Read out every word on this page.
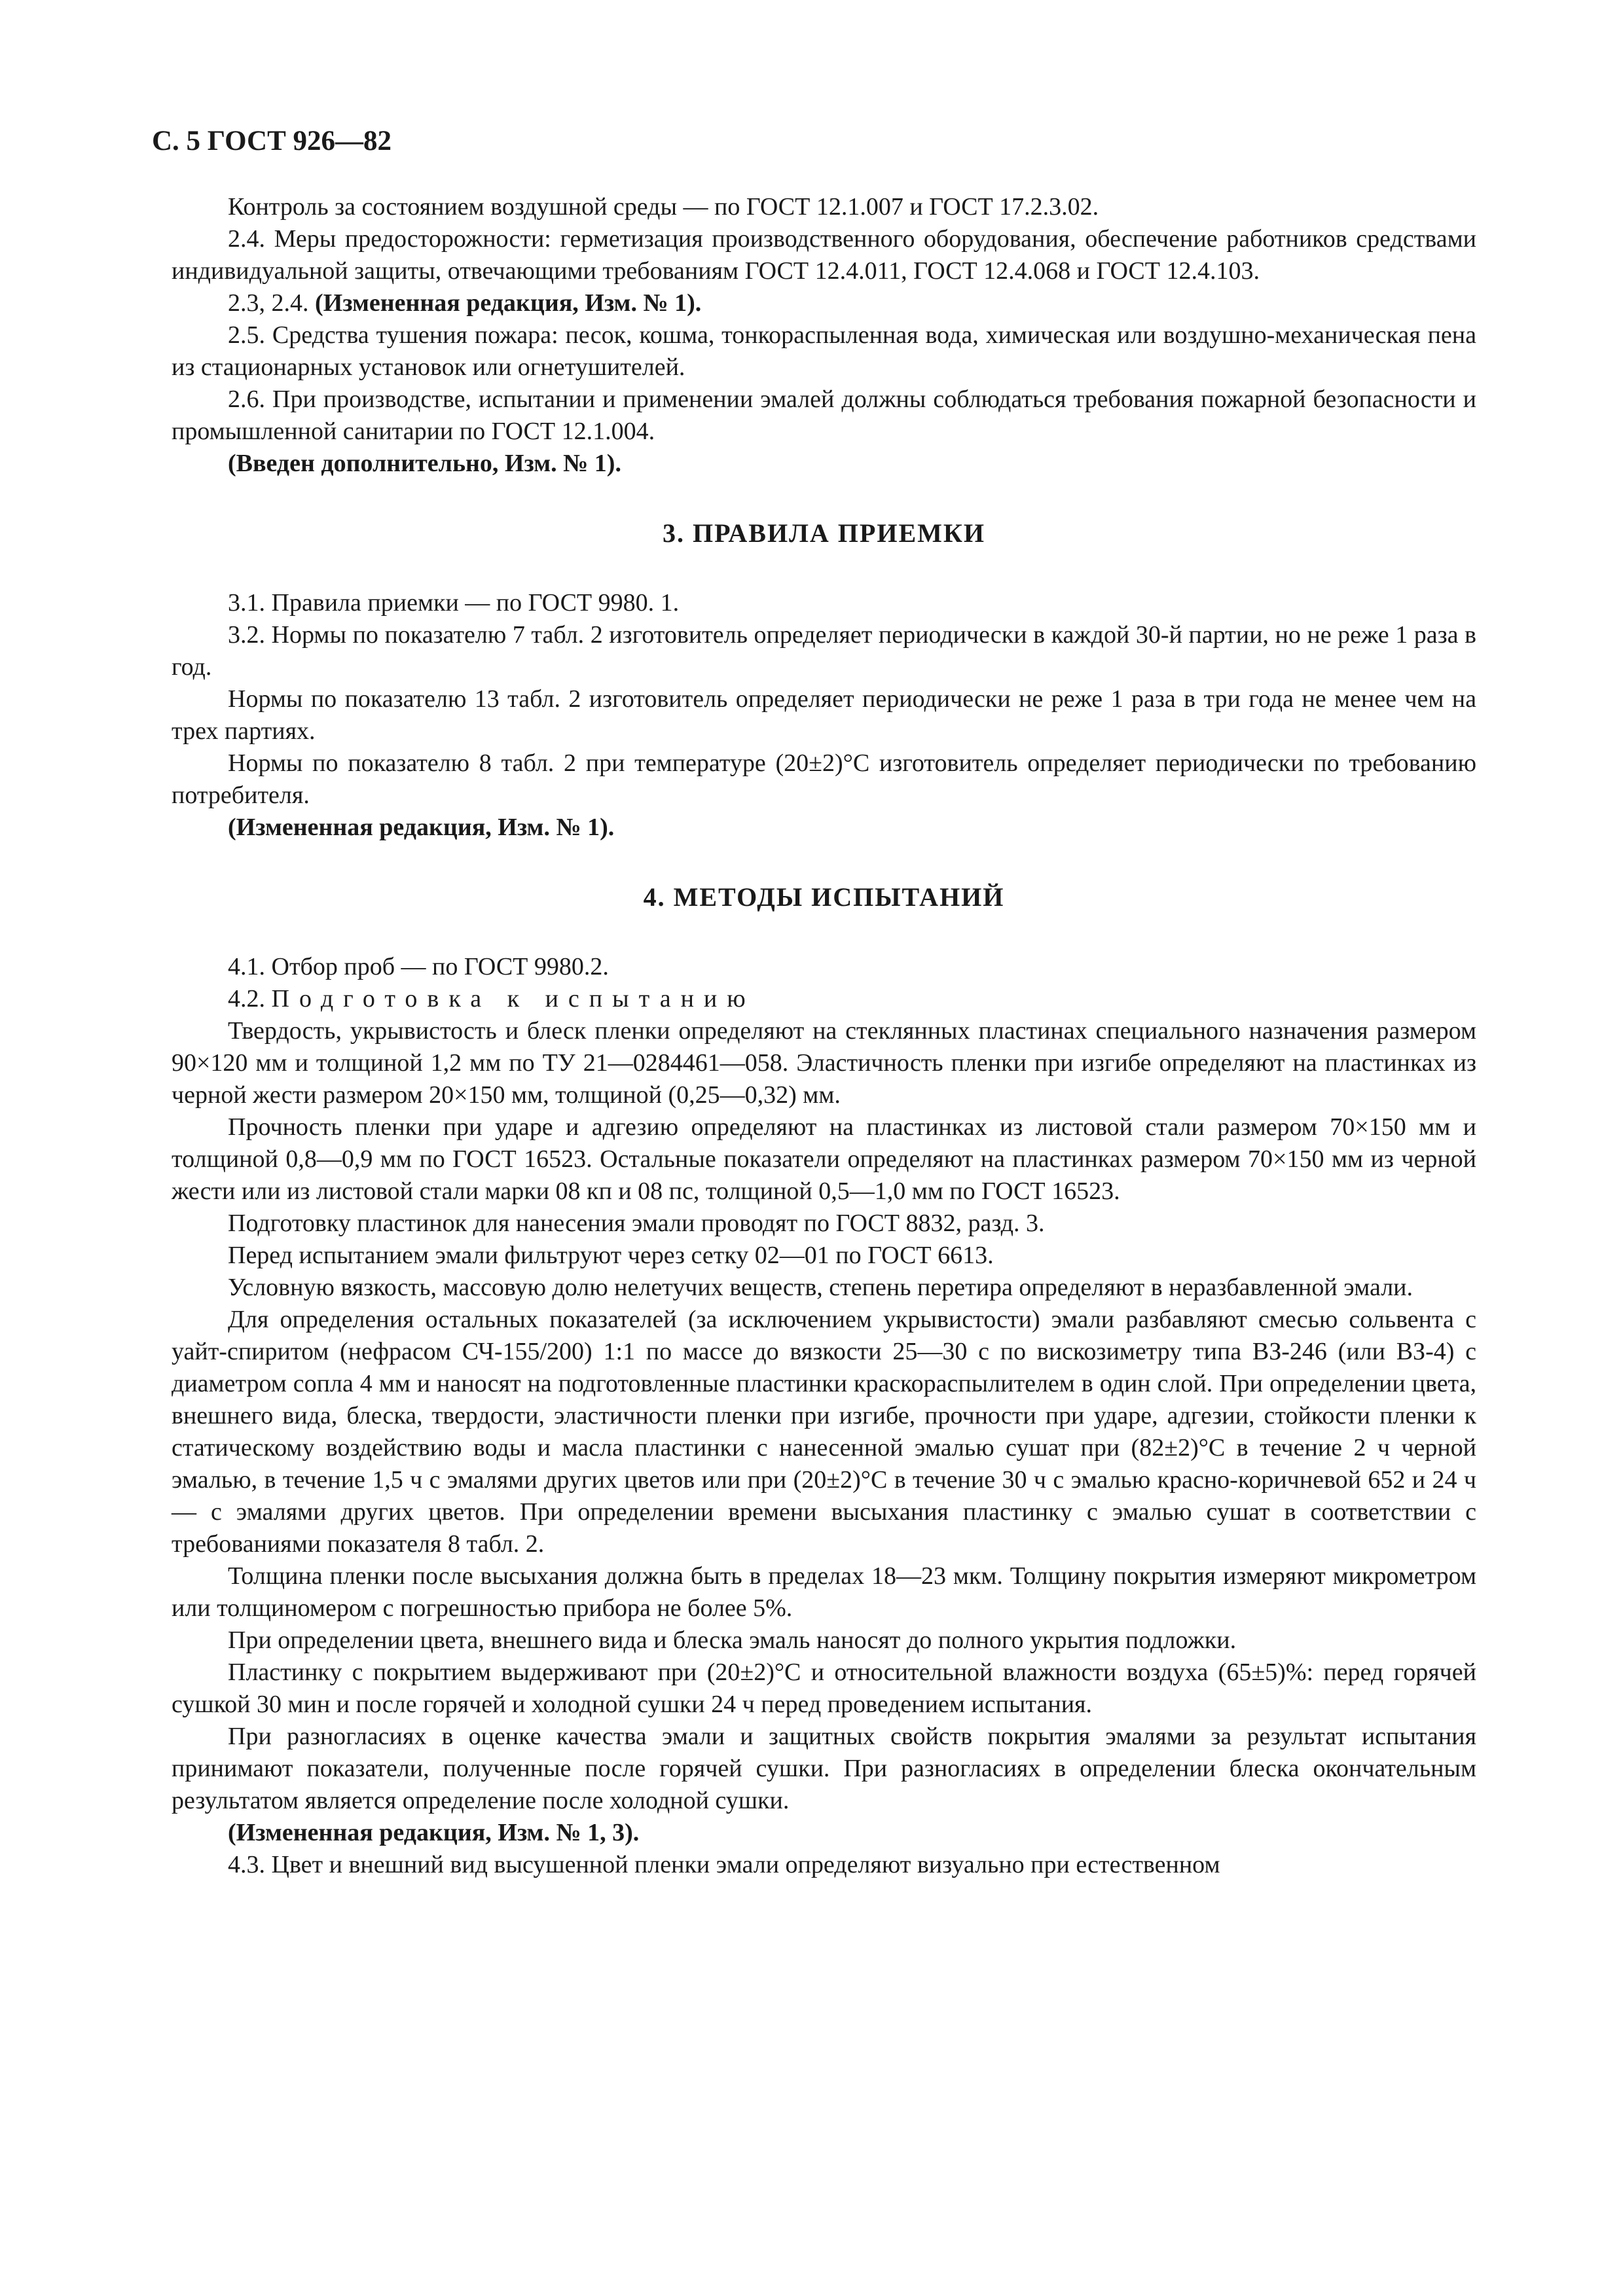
С. 5 ГОСТ 926—82

Контроль за состоянием воздушной среды — по ГОСТ 12.1.007 и ГОСТ 17.2.3.02.

2.4. Меры предосторожности: герметизация производственного оборудования, обеспечение работников средствами индивидуальной защиты, отвечающими требованиям ГОСТ 12.4.011, ГОСТ 12.4.068 и ГОСТ 12.4.103.

2.3, 2.4. (Измененная редакция, Изм. № 1).

2.5. Средства тушения пожара: песок, кошма, тонкораспыленная вода, химическая или воздушно-механическая пена из стационарных установок или огнетушителей.

2.6. При производстве, испытании и применении эмалей должны соблюдаться требования пожарной безопасности и промышленной санитарии по ГОСТ 12.1.004.

(Введен дополнительно, Изм. № 1).

3. ПРАВИЛА ПРИЕМКИ

3.1. Правила приемки — по ГОСТ 9980. 1.

3.2. Нормы по показателю 7 табл. 2 изготовитель определяет периодически в каждой 30-й партии, но не реже 1 раза в год.

Нормы по показателю 13 табл. 2 изготовитель определяет периодически не реже 1 раза в три года не менее чем на трех партиях.

Нормы по показателю 8 табл. 2 при температуре (20±2)°С изготовитель определяет периодически по требованию потребителя.

(Измененная редакция, Изм. № 1).

4. МЕТОДЫ ИСПЫТАНИЙ

4.1. Отбор проб — по ГОСТ 9980.2.

4.2. Подготовка к испытанию

Твердость, укрывистость и блеск пленки определяют на стеклянных пластинах специального назначения размером 90×120 мм и толщиной 1,2 мм по ТУ 21—0284461—058. Эластичность пленки при изгибе определяют на пластинках из черной жести размером 20×150 мм, толщиной (0,25—0,32) мм.

Прочность пленки при ударе и адгезию определяют на пластинках из листовой стали размером 70×150 мм и толщиной 0,8—0,9 мм по ГОСТ 16523. Остальные показатели определяют на пластинках размером 70×150 мм из черной жести или из листовой стали марки 08 кп и 08 пс, толщиной 0,5—1,0 мм по ГОСТ 16523.

Подготовку пластинок для нанесения эмали проводят по ГОСТ 8832, разд. 3.

Перед испытанием эмали фильтруют через сетку 02—01 по ГОСТ 6613.

Условную вязкость, массовую долю нелетучих веществ, степень перетира определяют в неразбавленной эмали.

Для определения остальных показателей (за исключением укрывистости) эмали разбавляют смесью сольвента с уайт-спиритом (нефрасом СЧ-155/200) 1:1 по массе до вязкости 25—30 с по вискозиметру типа ВЗ-246 (или ВЗ-4) с диаметром сопла 4 мм и наносят на подготовленные пластинки краскораспылителем в один слой. При определении цвета, внешнего вида, блеска, твердости, эластичности пленки при изгибе, прочности при ударе, адгезии, стойкости пленки к статическому воздействию воды и масла пластинки с нанесенной эмалью сушат при (82±2)°С в течение 2 ч черной эмалью, в течение 1,5 ч с эмалями других цветов или при (20±2)°С в течение 30 ч с эмалью красно-коричневой 652 и 24 ч — с эмалями других цветов. При определении времени высыхания пластинку с эмалью сушат в соответствии с требованиями показателя 8 табл. 2.

Толщина пленки после высыхания должна быть в пределах 18—23 мкм. Толщину покрытия измеряют микрометром или толщиномером с погрешностью прибора не более 5%.

При определении цвета, внешнего вида и блеска эмаль наносят до полного укрытия подложки.

Пластинку с покрытием выдерживают при (20±2)°С и относительной влажности воздуха (65±5)%: перед горячей сушкой 30 мин и после горячей и холодной сушки 24 ч перед проведением испытания.

При разногласиях в оценке качества эмали и защитных свойств покрытия эмалями за результат испытания принимают показатели, полученные после горячей сушки. При разногласиях в определении блеска окончательным результатом является определение после холодной сушки.

(Измененная редакция, Изм. № 1, 3).

4.3. Цвет и внешний вид высушенной пленки эмали определяют визуально при естественном
